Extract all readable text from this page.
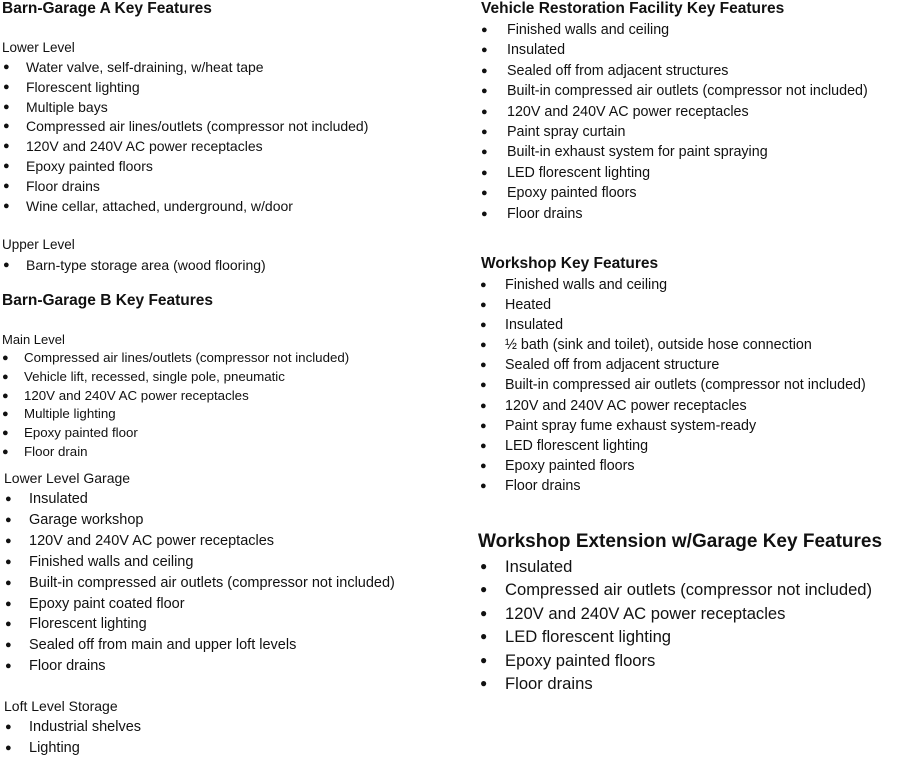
Barn-Garage A Key Features

Lower Level

● Water valve, self-draining, w/heat tape
● Florescent lighting
● Multiple bays
● Compressed air lines/outlets (compressor not included)
● 120V and 240V AC power receptacles
● Epoxy painted floors
● Floor drains
● Wine cellar, attached, underground, w/door

Upper Level

● Barn-type storage area (wood flooring)
Barn-Garage B Key Features

Main Level

● Compressed air lines/outlets (compressor not included)
● Vehicle lift, recessed, single pole, pneumatic
● 120V and 240V AC power receptacles
● Multiple lighting
● Epoxy painted floor
● Floor drain

Lower Level Garage

● Insulated
● Garage workshop
● 120V and 240V AC power receptacles
● Finished walls and ceiling
● Built-in compressed air outlets (compressor not included)
● Epoxy paint coated floor
● Florescent lighting
● Sealed off from main and upper loft levels
● Floor drains

Loft Level Storage

● Industrial shelves
● Lighting
Vehicle Restoration Facility Key Features
● Finished walls and ceiling
● Insulated
● Sealed off from adjacent structures
● Built-in compressed air outlets (compressor not included)
● 120V and 240V AC power receptacles
● Paint spray curtain
● Built-in exhaust system for paint spraying
● LED florescent lighting
● Epoxy painted floors
● Floor drains
Workshop Key Features
● Finished walls and ceiling
● Heated
● Insulated
● ½ bath (sink and toilet), outside hose connection
● Sealed off from adjacent structure
● Built-in compressed air outlets (compressor not included)
● 120V and 240V AC power receptacles
● Paint spray fume exhaust system-ready
● LED florescent lighting
● Epoxy painted floors
● Floor drains
Workshop Extension w/Garage Key Features
● Insulated
● Compressed air outlets (compressor not included)
● 120V and 240V AC power receptacles
● LED florescent lighting
● Epoxy painted floors
● Floor drains
